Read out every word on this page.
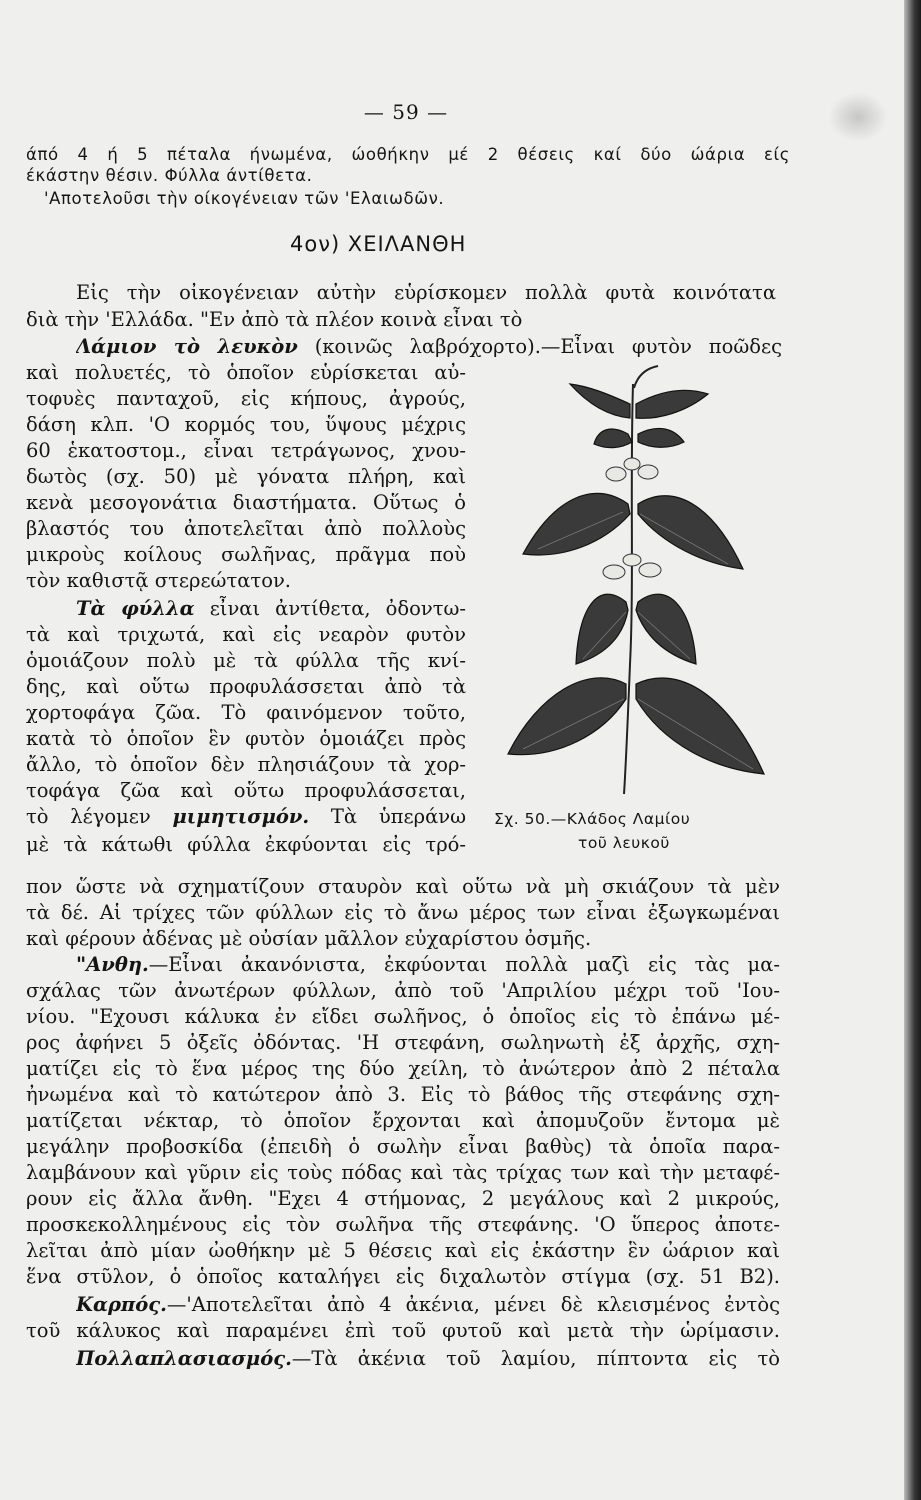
— 59 —
άπό 4 ή 5 πέταλα ήνωμένα, ώοθήκην μέ 2 θέσεις καί δύο ώάρια είς
έκάστην θέσιν. Φύλλα άντίθετα.
'Αποτελοῦσι τὴν οίκογένειαν τῶν 'Ελαιωδῶν.
4ον) ΧΕΙΛΑΝΘΗ
Εἰς τὴν οἰκογένειαν αὐτὴν εὑρίσκομεν πολλὰ φυτὰ κοινότατα
διὰ τὴν 'Ελλάδα. "Εν ἀπὸ τὰ πλέον κοινὰ εἶναι τὸ
Λάμιον τὸ λευκὸν (κοινῶς λαβρόχορτο).—Εἶναι φυτὸν ποῶδες
καὶ πολυετές, τὸ ὁποῖον εὑρίσκεται αὐ-
τοφυὲς πανταχοῦ, εἰς κήπους, ἀγρούς,
δάση κλπ. 'Ο κορμός του, ὕψους μέχρις
60 ἑκατοστομ., εἶναι τετράγωνος, χνου-
δωτὸς (σχ. 50) μὲ γόνατα πλήρη, καὶ
κενὰ μεσογονάτια διαστήματα. Οὕτως ὁ
βλαστός του ἀποτελεῖται ἀπὸ πολλοὺς
μικροὺς κοίλους σωλῆνας, πρᾶγμα ποὺ
τὸν καθιστᾷ στερεώτατον.
Τὰ φύλλα εἶναι ἀντίθετα, ὀδοντω-
τὰ καὶ τριχωτά, καὶ εἰς νεαρὸν φυτὸν
ὁμοιάζουν πολὺ μὲ τὰ φύλλα τῆς κνί-
δης, καὶ οὕτω προφυλάσσεται ἀπὸ τὰ
χορτοφάγα ζῶα. Τὸ φαινόμενον τοῦτο,
κατὰ τὸ ὁποῖον ἓν φυτὸν ὁμοιάζει πρὸς
ἄλλο, τὸ ὁποῖον δὲν πλησιάζουν τὰ χορ-
τοφάγα ζῶα καὶ οὕτω προφυλάσσεται,
τὸ λέγομεν μιμητισμόν. Τὰ ὑπεράνω
μὲ τὰ κάτωθι φύλλα ἐκφύονται εἰς τρό-
Σχ. 50.—Κλάδος Λαμίου
τοῦ λευκοῦ
πον ὥστε νὰ σχηματίζουν σταυρὸν καὶ οὕτω νὰ μὴ σκιάζουν τὰ μὲν
τὰ δέ. Αἱ τρίχες τῶν φύλλων εἰς τὸ ἄνω μέρος των εἶναι ἐξωγκωμέναι
καὶ φέρουν ἀδένας μὲ οὐσίαν μᾶλλον εὐχαρίστου ὀσμῆς.
"Ανθη.—Εἶναι ἀκανόνιστα, ἐκφύονται πολλὰ μαζὶ εἰς τὰς μα-
σχάλας τῶν ἀνωτέρων φύλλων, ἀπὸ τοῦ 'Απριλίου μέχρι τοῦ 'Ιου-
νίου. "Εχουσι κάλυκα ἐν εἴδει σωλῆνος, ὁ ὁποῖος εἰς τὸ ἐπάνω μέ-
ρος ἀφήνει 5 ὀξεῖς ὀδόντας. 'Η στεφάνη, σωληνωτὴ ἐξ ἀρχῆς, σχη-
ματίζει εἰς τὸ ἕνα μέρος της δύο χείλη, τὸ ἀνώτερον ἀπὸ 2 πέταλα
ἠνωμένα καὶ τὸ κατώτερον ἀπὸ 3. Εἰς τὸ βάθος τῆς στεφάνης σχη-
ματίζεται νέκταρ, τὸ ὁποῖον ἔρχονται καὶ ἀπομυζοῦν ἔντομα μὲ
μεγάλην προβοσκίδα (ἐπειδὴ ὁ σωλὴν εἶναι βαθὺς) τὰ ὁποῖα παρα-
λαμβάνουν καὶ γῦριν εἰς τοὺς πόδας καὶ τὰς τρίχας των καὶ τὴν μεταφέ-
ρουν εἰς ἄλλα ἄνθη. "Εχει 4 στήμονας, 2 μεγάλους καὶ 2 μικρούς,
προσκεκολλημένους εἰς τὸν σωλῆνα τῆς στεφάνης. 'Ο ὕπερος ἀποτε-
λεῖται ἀπὸ μίαν ὠοθήκην μὲ 5 θέσεις καὶ εἰς ἑκάστην ἓν ὠάριον καὶ
ἕνα στῦλον, ὁ ὁποῖος καταλήγει εἰς διχαλωτὸν στίγμα (σχ. 51 Β2).
Καρπός.—'Αποτελεῖται ἀπὸ 4 ἀκένια, μένει δὲ κλεισμένος ἐντὸς
τοῦ κάλυκος καὶ παραμένει ἐπὶ τοῦ φυτοῦ καὶ μετὰ τὴν ὡρίμασιν.
Πολλαπλασιασμός.—Τὰ ἀκένια τοῦ λαμίου, πίπτοντα εἰς τὸ
